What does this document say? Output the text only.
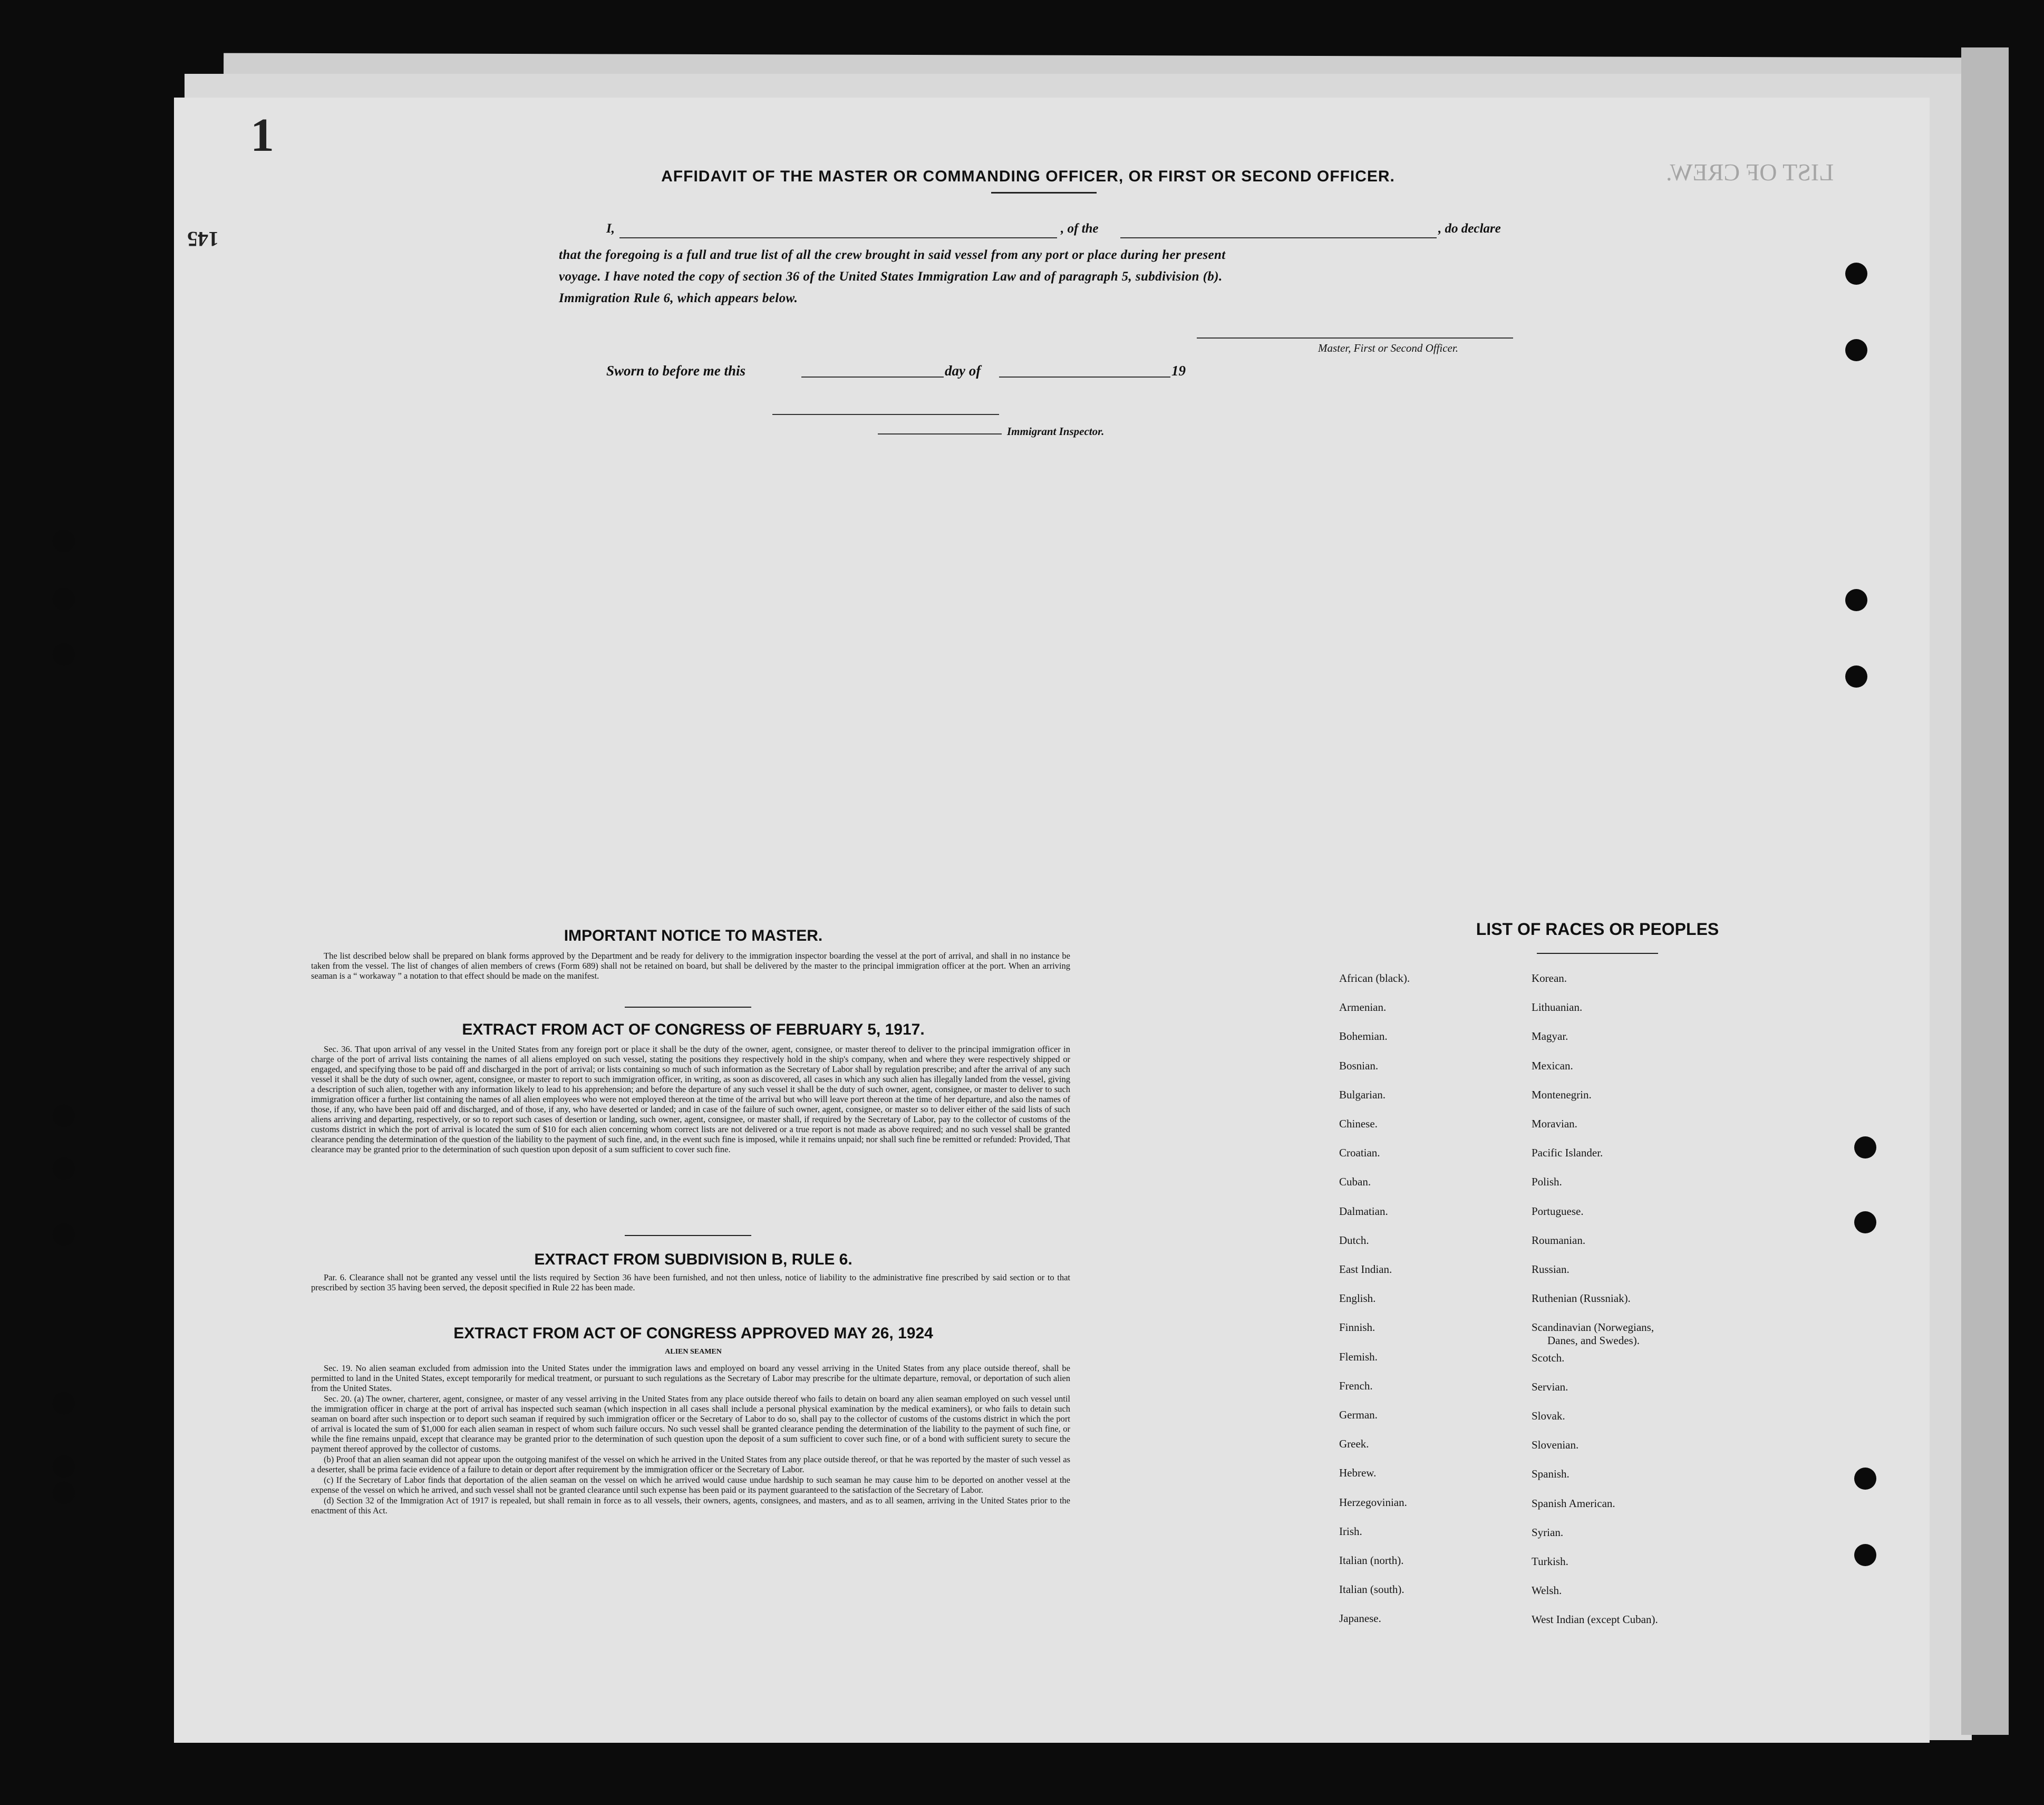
LIST OF CREW.
1
145
AFFIDAVIT OF THE MASTER OR COMMANDING OFFICER, OR FIRST OR SECOND OFFICER.
I,	, of the	, do declare
that the foregoing is a full and true list of all the crew brought in said vessel from any port or place during her present
voyage. I have noted the copy of section 36 of the United States Immigration Law and of paragraph 5, subdivision (b).
Immigration Rule 6, which appears below.
Master, First or Second Officer.
Sworn to before me this	day of	19
Immigrant Inspector.
IMPORTANT NOTICE TO MASTER.

The list described below shall be prepared on blank forms approved by the Department and be ready for delivery to the immigration inspector boarding the vessel at the port of arrival, and shall in no instance be taken from the vessel. The list of changes of alien members of crews (Form 689) shall not be retained on board, but shall be delivered by the master to the principal immigration officer at the port. When an arriving seaman is a “ workaway ” a notation to that effect should be made on the manifest.

EXTRACT FROM ACT OF CONGRESS OF FEBRUARY 5, 1917.

Sec. 36. That upon arrival of any vessel in the United States from any foreign port or place it shall be the duty of the owner, agent, consignee, or master thereof to deliver to the principal immigration officer in charge of the port of arrival lists containing the names of all aliens employed on such vessel, stating the positions they respectively hold in the ship's company, when and where they were respectively shipped or engaged, and specifying those to be paid off and discharged in the port of arrival; or lists containing so much of such information as the Secretary of Labor shall by regulation prescribe; and after the arrival of any such vessel it shall be the duty of such owner, agent, consignee, or master to report to such immigration officer, in writing, as soon as discovered, all cases in which any such alien has illegally landed from the vessel, giving a description of such alien, together with any information likely to lead to his apprehension; and before the departure of any such vessel it shall be the duty of such owner, agent, consignee, or master to deliver to such immigration officer a further list containing the names of all alien employees who were not employed thereon at the time of the arrival but who will leave port thereon at the time of her departure, and also the names of those, if any, who have been paid off and discharged, and of those, if any, who have deserted or landed; and in case of the failure of such owner, agent, consignee, or master so to deliver either of the said lists of such aliens arriving and departing, respectively, or so to report such cases of desertion or landing, such owner, agent, consignee, or master shall, if required by the Secretary of Labor, pay to the collector of customs of the customs district in which the port of arrival is located the sum of $10 for each alien concerning whom correct lists are not delivered or a true report is not made as above required; and no such vessel shall be granted clearance pending the determination of the question of the liability to the payment of such fine, and, in the event such fine is imposed, while it remains unpaid; nor shall such fine be remitted or refunded: Provided, That clearance may be granted prior to the determination of such question upon deposit of a sum sufficient to cover such fine.

EXTRACT FROM SUBDIVISION B, RULE 6.

Par. 6. Clearance shall not be granted any vessel until the lists required by Section 36 have been furnished, and not then unless, notice of liability to the administrative fine prescribed by said section or to that prescribed by section 35 having been served, the deposit specified in Rule 22 has been made.

EXTRACT FROM ACT OF CONGRESS APPROVED MAY 26, 1924
ALIEN SEAMEN

Sec. 19. No alien seaman excluded from admission into the United States under the immigration laws and employed on board any vessel arriving in the United States from any place outside thereof, shall be permitted to land in the United States, except temporarily for medical treatment, or pursuant to such regulations as the Secretary of Labor may prescribe for the ultimate departure, removal, or deportation of such alien from the United States.

Sec. 20. (a) The owner, charterer, agent, consignee, or master of any vessel arriving in the United States from any place outside thereof who fails to detain on board any alien seaman employed on such vessel until the immigration officer in charge at the port of arrival has inspected such seaman (which inspection in all cases shall include a personal physical examination by the medical examiners), or who fails to detain such seaman on board after such inspection or to deport such seaman if required by such immigration officer or the Secretary of Labor to do so, shall pay to the collector of customs of the customs district in which the port of arrival is located the sum of $1,000 for each alien seaman in respect of whom such failure occurs. No such vessel shall be granted clearance pending the determination of the liability to the payment of such fine, or while the fine remains unpaid, except that clearance may be granted prior to the determination of such question upon the deposit of a sum sufficient to cover such fine, or of a bond with sufficient surety to secure the payment thereof approved by the collector of customs.

(b) Proof that an alien seaman did not appear upon the outgoing manifest of the vessel on which he arrived in the United States from any place outside thereof, or that he was reported by the master of such vessel as a deserter, shall be prima facie evidence of a failure to detain or deport after requirement by the immigration officer or the Secretary of Labor.

(c) If the Secretary of Labor finds that deportation of the alien seaman on the vessel on which he arrived would cause undue hardship to such seaman he may cause him to be deported on another vessel at the expense of the vessel on which he arrived, and such vessel shall not be granted clearance until such expense has been paid or its payment guaranteed to the satisfaction of the Secretary of Labor.

(d) Section 32 of the Immigration Act of 1917 is repealed, but shall remain in force as to all vessels, their owners, agents, consignees, and masters, and as to all seamen, arriving in the United States prior to the enactment of this Act.

LIST OF RACES OR PEOPLES
African (black).
Armenian.
Bohemian.
Bosnian.
Bulgarian.
Chinese.
Croatian.
Cuban.
Dalmatian.
Dutch.
East Indian.
English.
Finnish.
Flemish.
French.
German.
Greek.
Hebrew.
Herzegovinian.
Irish.
Italian (north).
Italian (south).
Japanese.
Korean.
Lithuanian.
Magyar.
Mexican.
Montenegrin.
Moravian.
Pacific Islander.
Polish.
Portuguese.
Roumanian.
Russian.
Ruthenian (Russniak).
Scandinavian (Norwegians,
Danes, and Swedes).
Scotch.
Servian.
Slovak.
Slovenian.
Spanish.
Spanish American.
Syrian.
Turkish.
Welsh.
West Indian (except Cuban).
